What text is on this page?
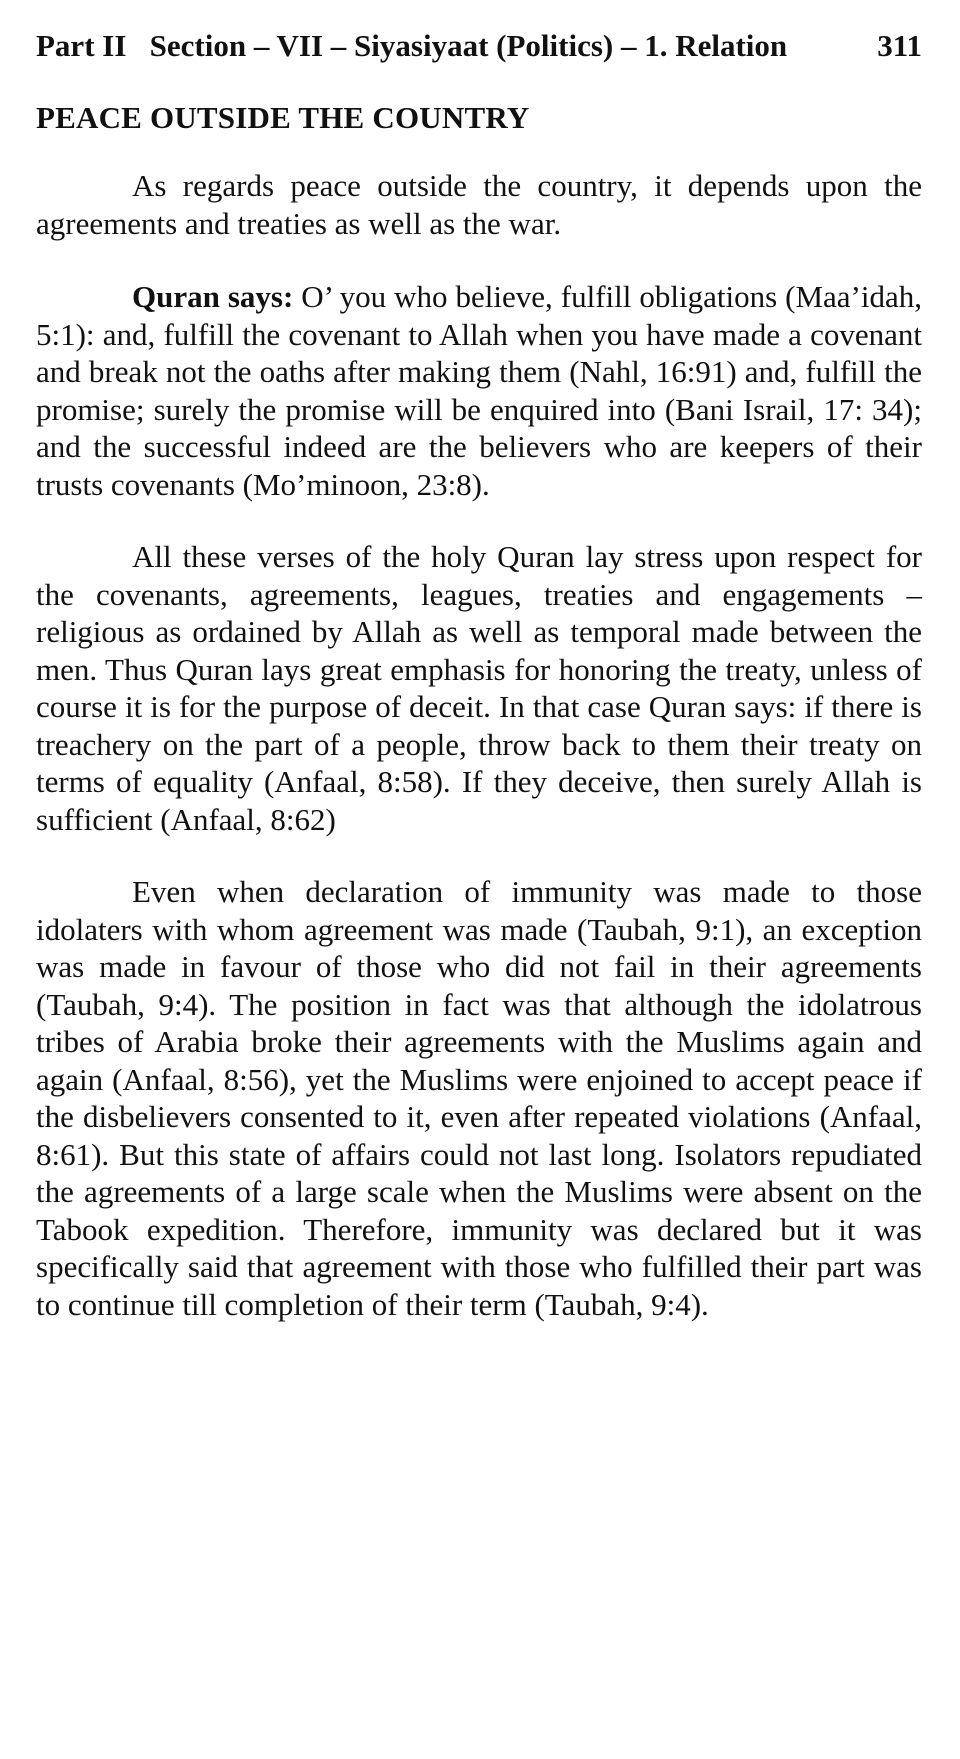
Part II Section – VII – Siyasiyaat (Politics) – 1. Relation	311
PEACE OUTSIDE THE COUNTRY

As regards peace outside the country, it depends upon the agreements and treaties as well as the war.

Quran says: O’ you who believe, fulfill obligations (Maa’idah, 5:1): and, fulfill the covenant to Allah when you have made a covenant and break not the oaths after making them (Nahl, 16:91) and, fulfill the promise; surely the promise will be enquired into (Bani Israil, 17: 34); and the successful indeed are the believers who are keepers of their trusts covenants (Mo’minoon, 23:8).

All these verses of the holy Quran lay stress upon respect for the covenants, agreements, leagues, treaties and engagements – religious as ordained by Allah as well as temporal made between the men. Thus Quran lays great emphasis for honoring the treaty, unless of course it is for the purpose of deceit. In that case Quran says: if there is treachery on the part of a people, throw back to them their treaty on terms of equality (Anfaal, 8:58). If they deceive, then surely Allah is sufficient (Anfaal, 8:62)

Even when declaration of immunity was made to those idolaters with whom agreement was made (Taubah, 9:1), an exception was made in favour of those who did not fail in their agreements (Taubah, 9:4). The position in fact was that although the idolatrous tribes of Arabia broke their agreements with the Muslims again and again (Anfaal, 8:56), yet the Muslims were enjoined to accept peace if the disbelievers consented to it, even after repeated violations (Anfaal, 8:61). But this state of affairs could not last long. Isolators repudiated the agreements of a large scale when the Muslims were absent on the Tabook expedition. Therefore, immunity was declared but it was specifically said that agreement with those who fulfilled their part was to continue till completion of their term (Taubah, 9:4).
